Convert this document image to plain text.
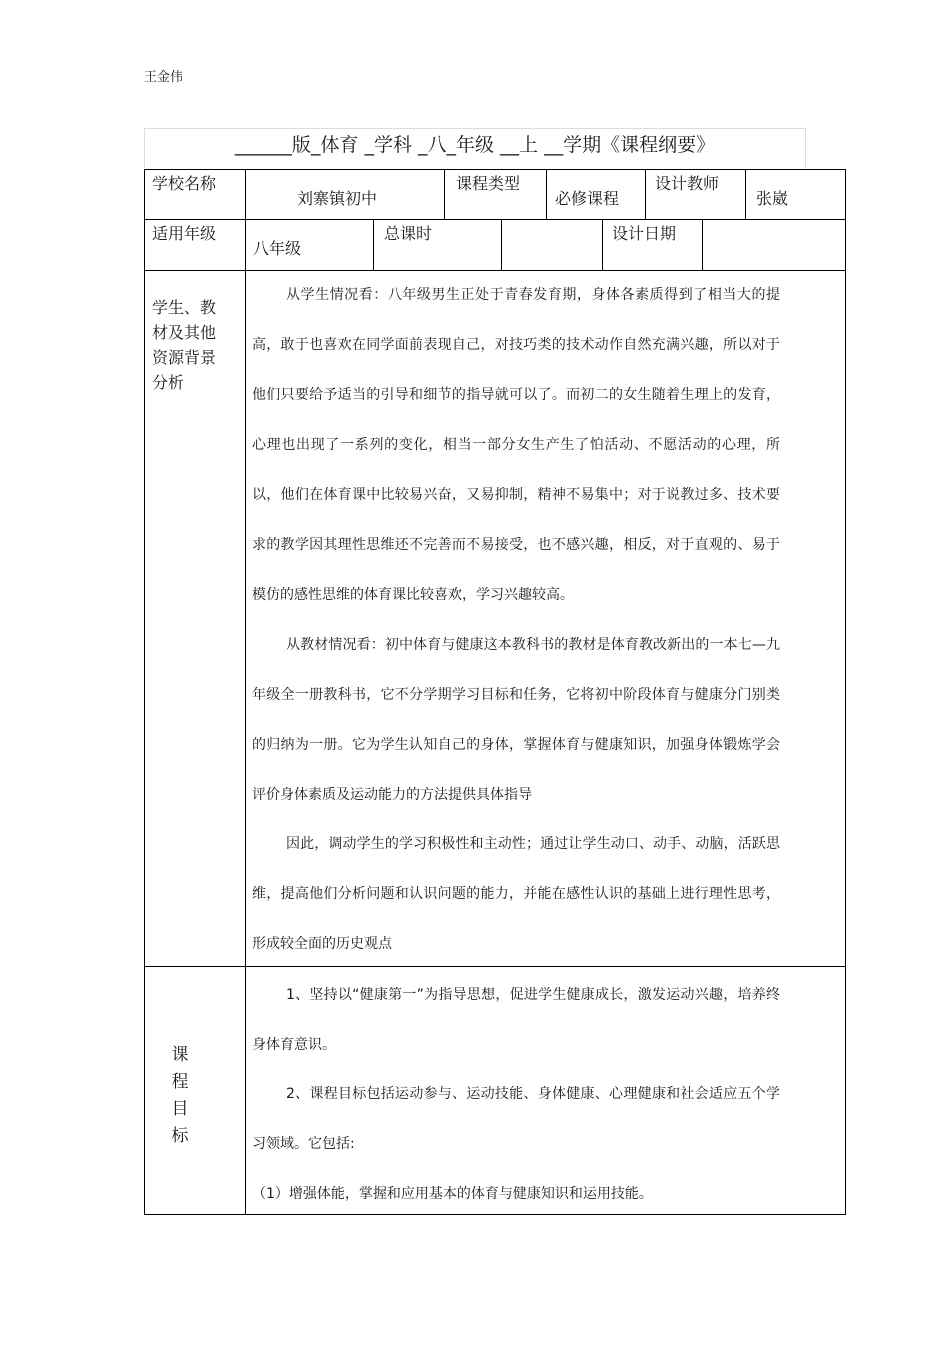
王金伟
______版_体育 _学科 _八_年级 __上 __学期《课程纲要》
学校名称
刘寨镇初中
课程类型
必修课程
设计教师
张崴
适用年级
八年级
总课时	设计日期
学生、教材及其他资源背景分析

从学生情况看：八年级男生正处于青春发育期，身体各素质得到了相当大的提高，敢于也喜欢在同学面前表现自己，对技巧类的技术动作自然充满兴趣，所以对于他们只要给予适当的引导和细节的指导就可以了。而初二的女生随着生理上的发育，心理也出现了一系列的变化，相当一部分女生产生了怕活动、不愿活动的心理，所以，他们在体育课中比较易兴奋，又易抑制，精神不易集中；对于说教过多、技术要求的教学因其理性思维还不完善而不易接受，也不感兴趣，相反，对于直观的、易于模仿的感性思维的体育课比较喜欢，学习兴趣较高。

从教材情况看：初中体育与健康这本教科书的教材是体育教改新出的一本七—九年级全一册教科书，它不分学期学习目标和任务，它将初中阶段体育与健康分门别类的归纳为一册。它为学生认知自己的身体，掌握体育与健康知识，加强身体锻炼学会评价身体素质及运动能力的方法提供具体指导

因此，调动学生的学习积极性和主动性；通过让学生动口、动手、动脑，活跃思维，提高他们分析问题和认识问题的能力，并能在感性认识的基础上进行理性思考，形成较全面的历史观点

课
程
目
标

1、坚持以“健康第一”为指导思想，促进学生健康成长，激发运动兴趣，培养终身体育意识。

2、课程目标包括运动参与、运动技能、身体健康、心理健康和社会适应五个学习领域。它包括:

（1）增强体能，掌握和应用基本的体育与健康知识和运用技能。
